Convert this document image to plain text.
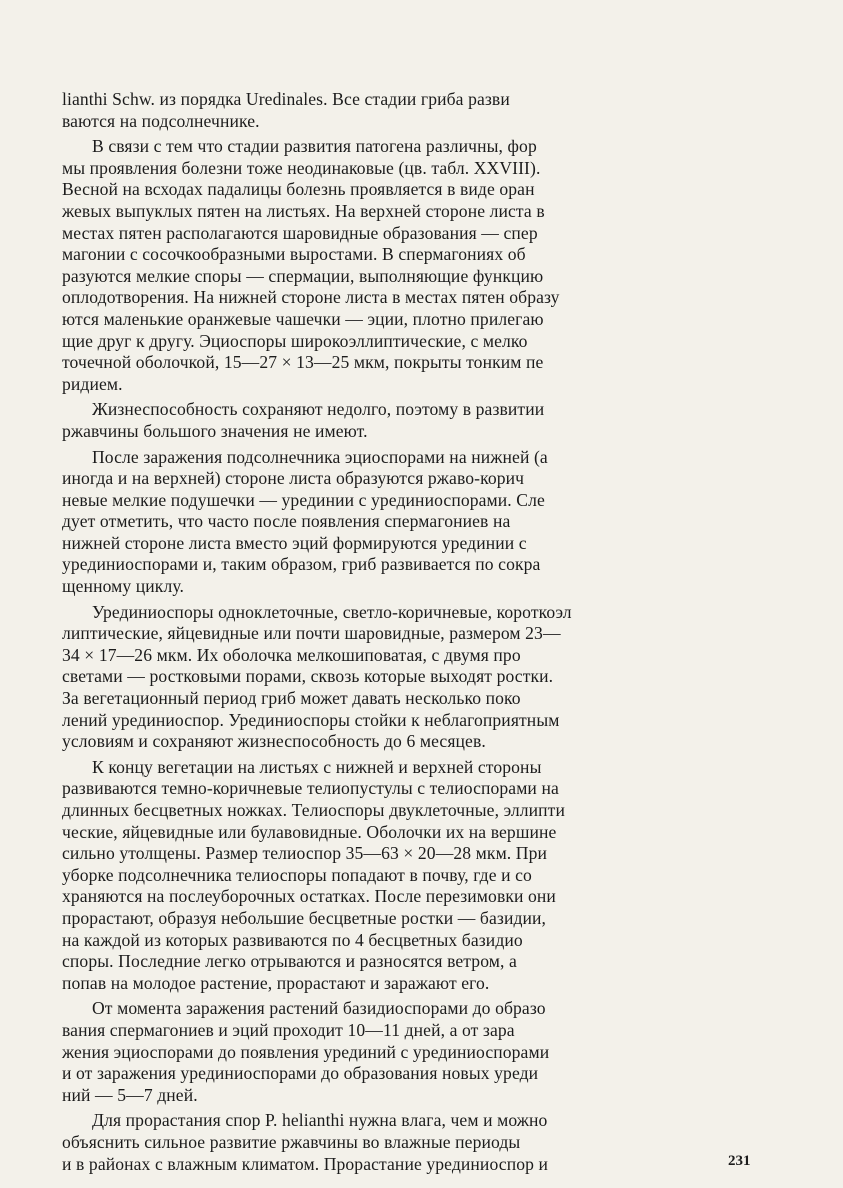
lianthi Schw. из порядка Uredinales. Все стадии гриба разви
ваются на подсолнечнике.

В связи с тем что стадии развития патогена различны, фор
мы проявления болезни тоже неодинаковые (цв. табл. XXVIII).
Весной на всходах падалицы болезнь проявляется в виде оран
жевых выпуклых пятен на листьях. На верхней стороне листа в
местах пятен располагаются шаровидные образования — спер
магонии с сосочкообразными выростами. В спермагониях об
разуются мелкие споры — спермации, выполняющие функцию
оплодотворения. На нижней стороне листа в местах пятен образу
ются маленькие оранжевые чашечки — эции, плотно прилегаю
щие друг к другу. Эциоспоры широкоэллиптические, с мелко
точечной оболочкой, 15—27 × 13—25 мкм, покрыты тонким пе
ридием.

Жизнеспособность сохраняют недолго, поэтому в развитии
ржавчины большого значения не имеют.

После заражения подсолнечника эциоспорами на нижней (а
иногда и на верхней) стороне листа образуются ржаво-корич
невые мелкие подушечки — урединии с урединиоспорами. Сле
дует отметить, что часто после появления спермагониев на
нижней стороне листа вместо эций формируются урединии с
урединиоспорами и, таким образом, гриб развивается по сокра
щенному циклу.

Урединиоспоры одноклеточные, светло-коричневые, короткоэл
липтические, яйцевидные или почти шаровидные, размером 23—
34 × 17—26 мкм. Их оболочка мелкошиповатая, с двумя про
светами — ростковыми порами, сквозь которые выходят ростки.
За вегетационный период гриб может давать несколько поко
лений урединиоспор. Урединиоспоры стойки к неблагоприятным
условиям и сохраняют жизнеспособность до 6 месяцев.

К концу вегетации на листьях с нижней и верхней стороны
развиваются темно-коричневые телиопустулы с телиоспорами на
длинных бесцветных ножках. Телиоспоры двуклеточные, эллипти
ческие, яйцевидные или булавовидные. Оболочки их на вершине
сильно утолщены. Размер телиоспор 35—63 × 20—28 мкм. При
уборке подсолнечника телиоспоры попадают в почву, где и со
храняются на послеуборочных остатках. После перезимовки они
прорастают, образуя небольшие бесцветные ростки — базидии,
на каждой из которых развиваются по 4 бесцветных базидио
споры. Последние легко отрываются и разносятся ветром, а
попав на молодое растение, прорастают и заражают его.

От момента заражения растений базидиоспорами до образо
вания спермагониев и эций проходит 10—11 дней, а от зара
жения эциоспорами до появления урединий с урединиоспорами
и от заражения урединиоспорами до образования новых уреди
ний — 5—7 дней.

Для прорастания спор P. helianthi нужна влага, чем и можно
объяснить сильное развитие ржавчины во влажные периоды
и в районах с влажным климатом. Прорастание урединиоспор и	231
